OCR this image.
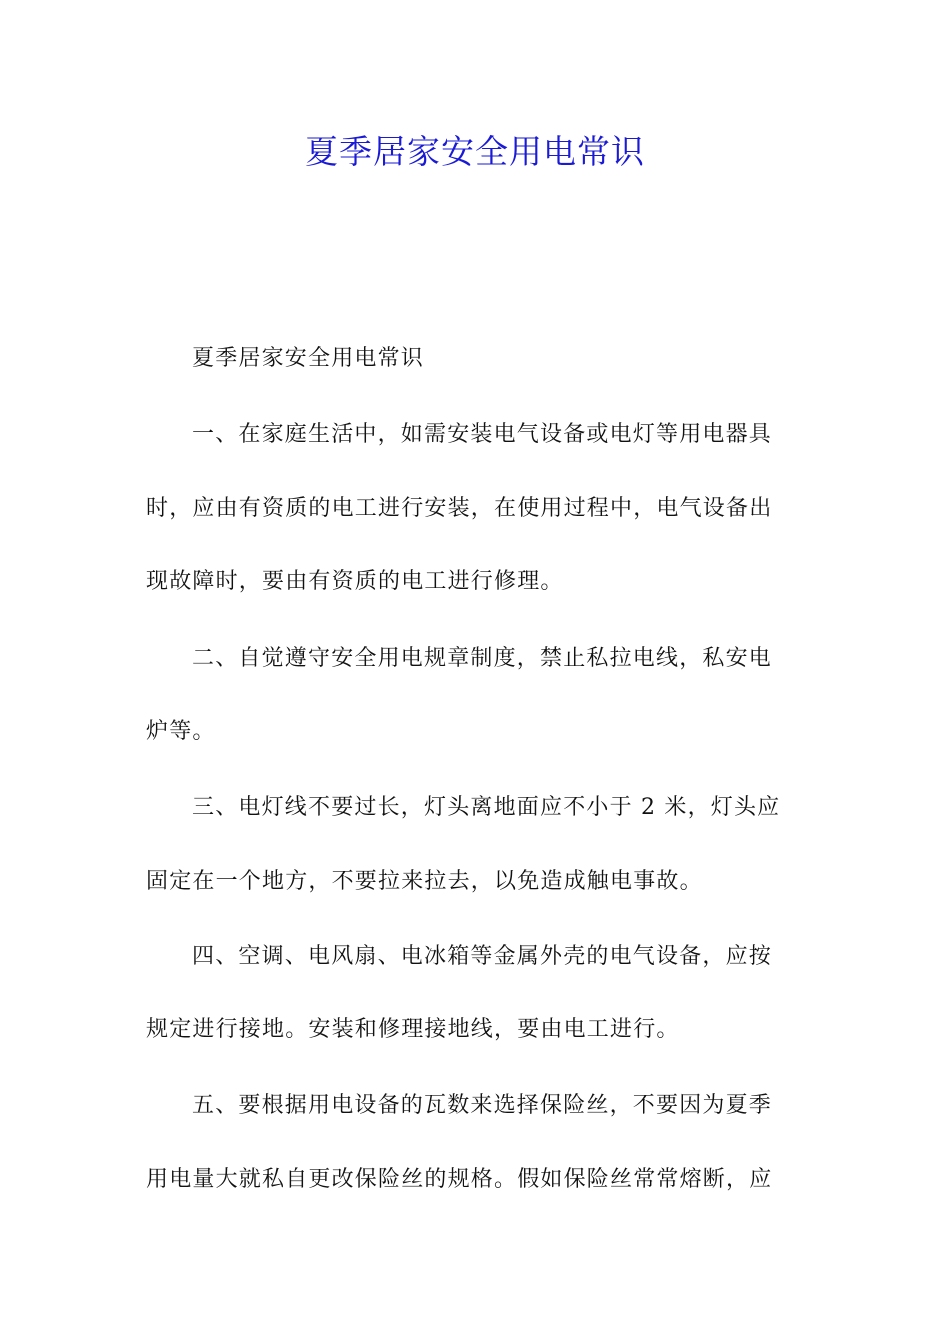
夏季居家安全用电常识
夏季居家安全用电常识
一、在家庭生活中，如需安装电气设备或电灯等用电器具
时，应由有资质的电工进行安装，在使用过程中，电气设备出
现故障时，要由有资质的电工进行修理。
二、自觉遵守安全用电规章制度，禁止私拉电线，私安电
炉等。
三、电灯线不要过长，灯头离地面应不小于 2 米，灯头应
固定在一个地方，不要拉来拉去，以免造成触电事故。
四、空调、电风扇、电冰箱等金属外壳的电气设备，应按
规定进行接地。安装和修理接地线，要由电工进行。
五、要根据用电设备的瓦数来选择保险丝，不要因为夏季
用电量大就私自更改保险丝的规格。假如保险丝常常熔断，应
